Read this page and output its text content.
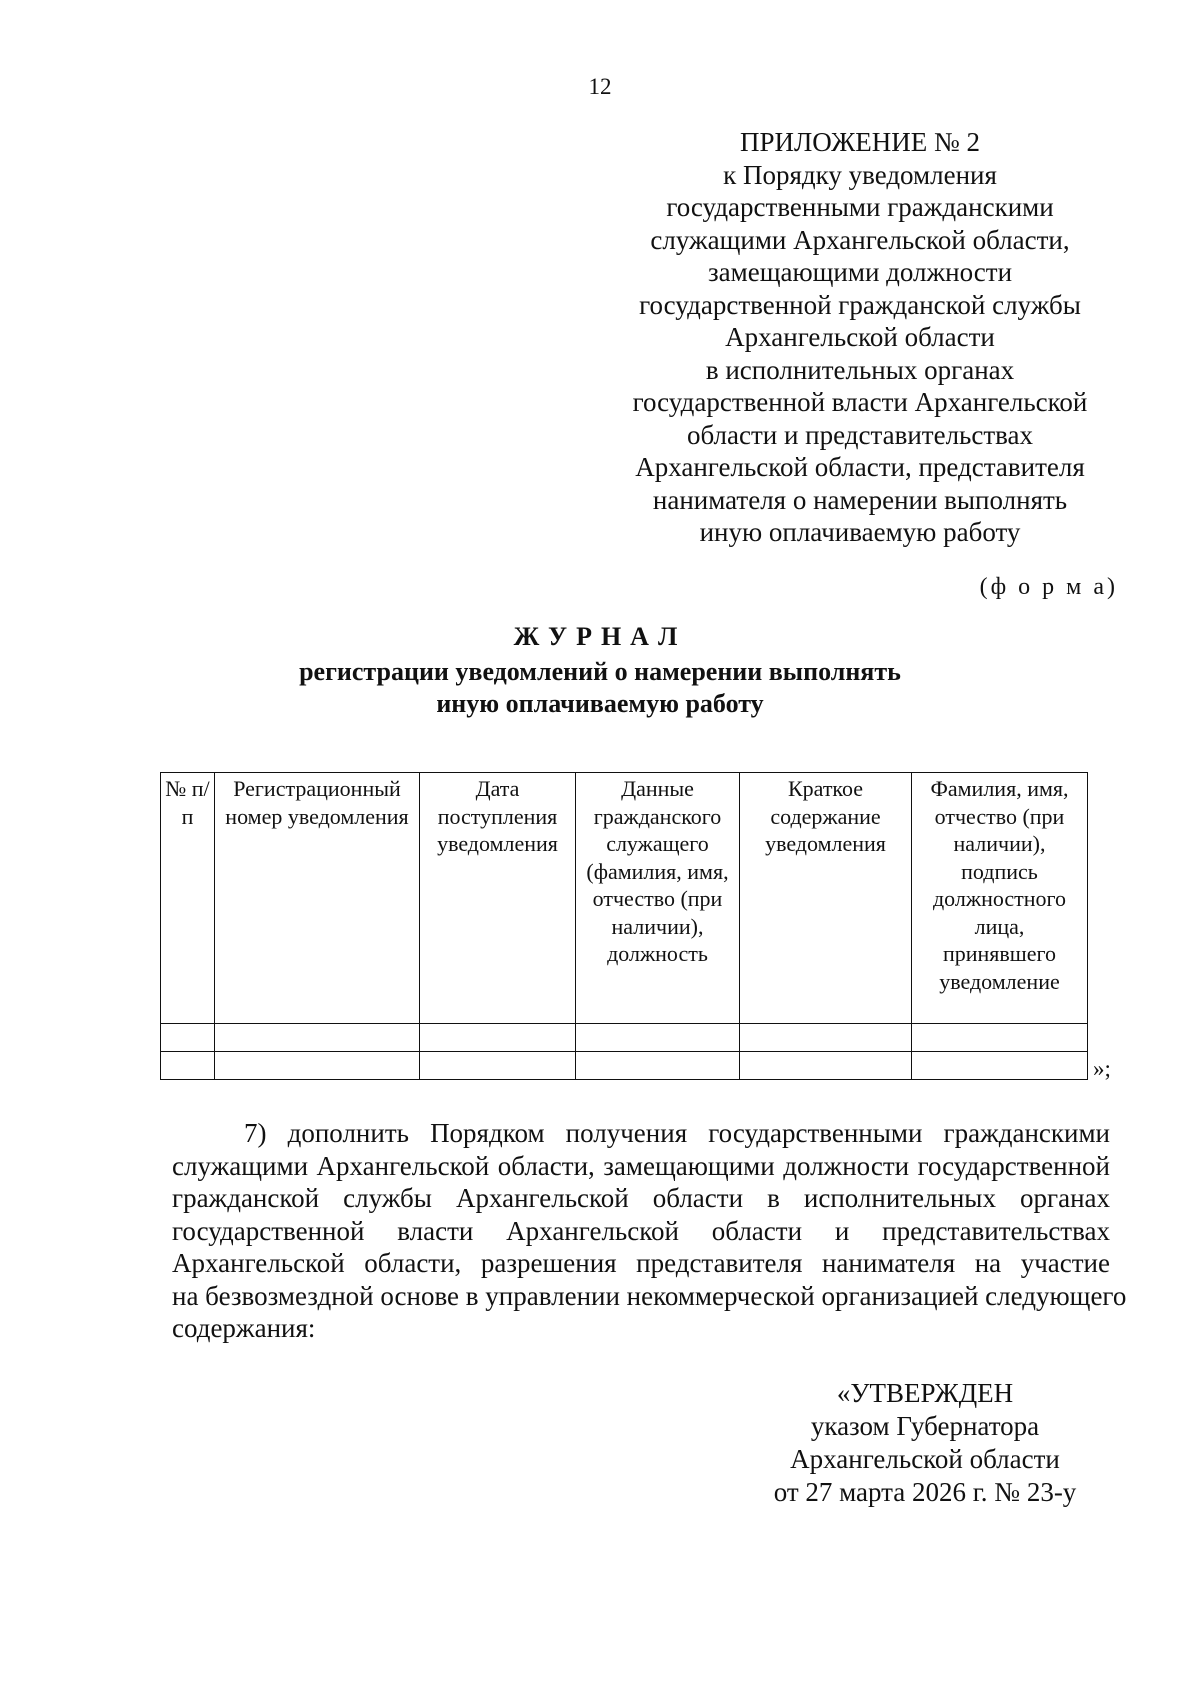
12
ПРИЛОЖЕНИЕ № 2
к Порядку уведомления
государственными гражданскими
служащими Архангельской области,
замещающими должности
государственной гражданской службы
Архангельской области
в исполнительных органах
государственной власти Архангельской
области и представительствах
Архангельской области, представителя
нанимателя о намерении выполнять
иную оплачиваемую работу
(ф о р м а)
ЖУРНАЛ
регистрации уведомлений о намерении выполнять
иную оплачиваемую работу
№ п/п	Регистрационный номер уведомления	Дата поступления уведомления	Данные гражданского служащего (фамилия, имя, отчество (при наличии), должность	Краткое содержание уведомления	Фамилия, имя, отчество (при наличии), подпись должностного лица, принявшего уведомление

»;
7) дополнить Порядком получения государственными гражданскими
служащими Архангельской области, замещающими должности государственной
гражданской службы Архангельской области в исполнительных органах
государственной власти Архангельской области и представительствах
Архангельской области, разрешения представителя нанимателя на участие
на безвозмездной основе в управлении некоммерческой организацией следующего
содержания:
«УТВЕРЖДЕН
указом Губернатора
Архангельской области
от 27 марта 2026 г. № 23-у
